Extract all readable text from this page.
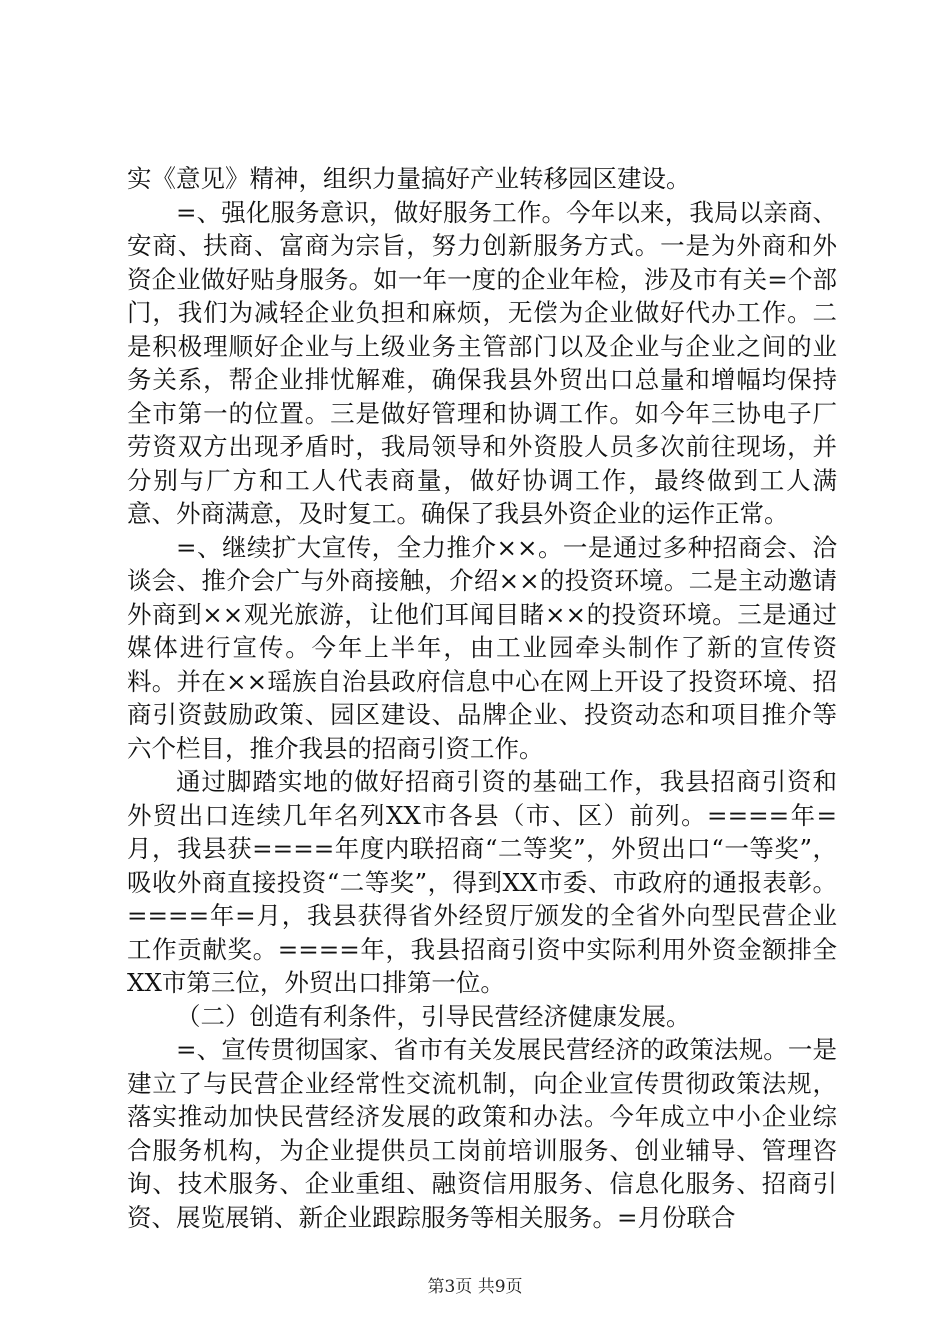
实《意见》精神，组织力量搞好产业转移园区建设。

=、强化服务意识，做好服务工作。今年以来，我局以亲商、安商、扶商、富商为宗旨，努力创新服务方式。一是为外商和外资企业做好贴身服务。如一年一度的企业年检，涉及市有关=个部门，我们为减轻企业负担和麻烦，无偿为企业做好代办工作。二是积极理顺好企业与上级业务主管部门以及企业与企业之间的业务关系，帮企业排忧解难，确保我县外贸出口总量和增幅均保持全市第一的位置。三是做好管理和协调工作。如今年三协电子厂劳资双方出现矛盾时，我局领导和外资股人员多次前往现场，并分别与厂方和工人代表商量，做好协调工作，最终做到工人满意、外商满意，及时复工。确保了我县外资企业的运作正常。

=、继续扩大宣传，全力推介××。一是通过多种招商会、洽谈会、推介会广与外商接触，介绍××的投资环境。二是主动邀请外商到××观光旅游，让他们耳闻目睹××的投资环境。三是通过媒体进行宣传。今年上半年，由工业园牵头制作了新的宣传资料。并在××瑶族自治县政府信息中心在网上开设了投资环境、招商引资鼓励政策、园区建设、品牌企业、投资动态和项目推介等六个栏目，推介我县的招商引资工作。

通过脚踏实地的做好招商引资的基础工作，我县招商引资和外贸出口连续几年名列XX市各县（市、区）前列。====年=月，我县获====年度内联招商“二等奖”，外贸出口“一等奖”，吸收外商直接投资“二等奖”，得到XX市委、市政府的通报表彰。====年=月，我县获得省外经贸厅颁发的全省外向型民营企业工作贡献奖。====年，我县招商引资中实际利用外资金额排全XX市第三位，外贸出口排第一位。

（二）创造有利条件，引导民营经济健康发展。

=、宣传贯彻国家、省市有关发展民营经济的政策法规。一是建立了与民营企业经常性交流机制，向企业宣传贯彻政策法规，落实推动加快民营经济发展的政策和办法。今年成立中小企业综合服务机构，为企业提供员工岗前培训服务、创业辅导、管理咨询、技术服务、企业重组、融资信用服务、信息化服务、招商引资、展览展销、新企业跟踪服务等相关服务。=月份联合

第3页 共9页
